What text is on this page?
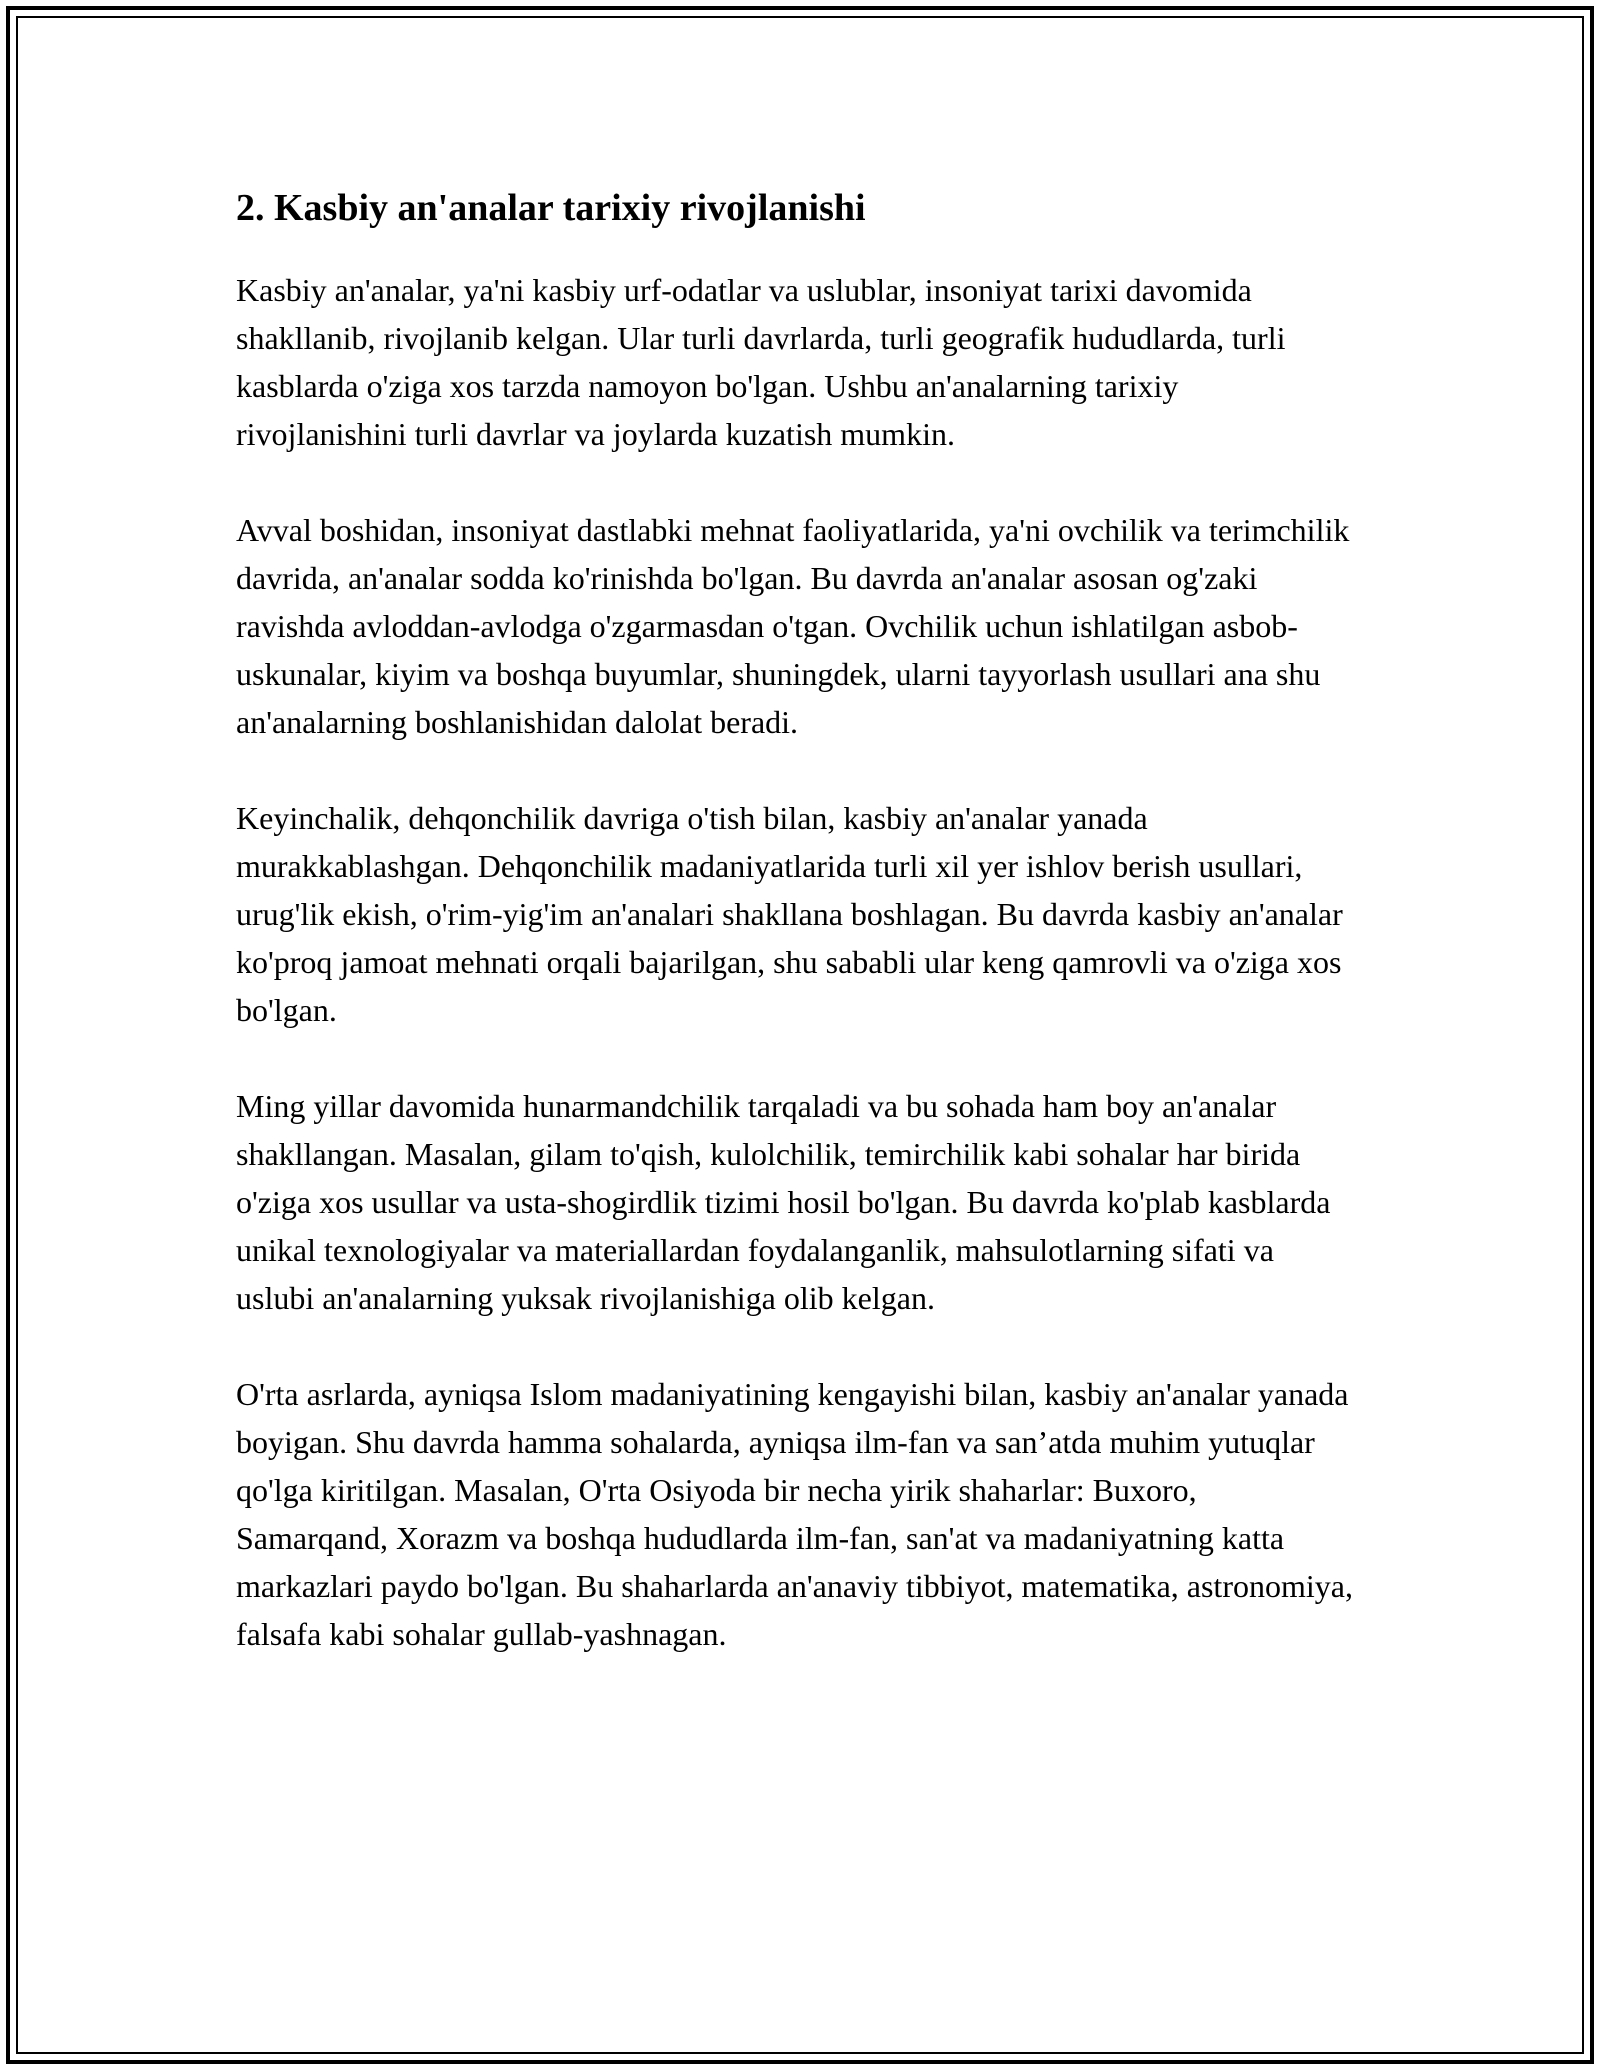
2. Kasbiy an'analar tarixiy rivojlanishi

Kasbiy an'analar, ya'ni kasbiy urf-odatlar va uslublar, insoniyat tarixi davomida shakllanib, rivojlanib kelgan. Ular turli davrlarda, turli geografik hududlarda, turli kasblarda o'ziga xos tarzda namoyon bo'lgan. Ushbu an'analarning tarixiy rivojlanishini turli davrlar va joylarda kuzatish mumkin.

Avval boshidan, insoniyat dastlabki mehnat faoliyatlarida, ya'ni ovchilik va terimchilik davrida, an'analar sodda ko'rinishda bo'lgan. Bu davrda an'analar asosan og'zaki ravishda avloddan-avlodga o'zgarmasdan o'tgan. Ovchilik uchun ishlatilgan asbob-uskunalar, kiyim va boshqa buyumlar, shuningdek, ularni tayyorlash usullari ana shu an'analarning boshlanishidan dalolat beradi.

Keyinchalik, dehqonchilik davriga o'tish bilan, kasbiy an'analar yanada murakkablashgan. Dehqonchilik madaniyatlarida turli xil yer ishlov berish usullari, urug'lik ekish, o'rim-yig'im an'analari shakllana boshlagan. Bu davrda kasbiy an'analar ko'proq jamoat mehnati orqali bajarilgan, shu sababli ular keng qamrovli va o'ziga xos bo'lgan.

Ming yillar davomida hunarmandchilik tarqaladi va bu sohada ham boy an'analar shakllangan. Masalan, gilam to'qish, kulolchilik, temirchilik kabi sohalar har birida o'ziga xos usullar va usta-shogirdlik tizimi hosil bo'lgan. Bu davrda ko'plab kasblarda unikal texnologiyalar va materiallardan foydalanganlik, mahsulotlarning sifati va uslubi an'analarning yuksak rivojlanishiga olib kelgan.

O'rta asrlarda, ayniqsa Islom madaniyatining kengayishi bilan, kasbiy an'analar yanada boyigan. Shu davrda hamma sohalarda, ayniqsa ilm-fan va san’atda muhim yutuqlar qo'lga kiritilgan. Masalan, O'rta Osiyoda bir necha yirik shaharlar: Buxoro, Samarqand, Xorazm va boshqa hududlarda ilm-fan, san'at va madaniyatning katta markazlari paydo bo'lgan. Bu shaharlarda an'anaviy tibbiyot, matematika, astronomiya, falsafa kabi sohalar gullab-yashnagan.
